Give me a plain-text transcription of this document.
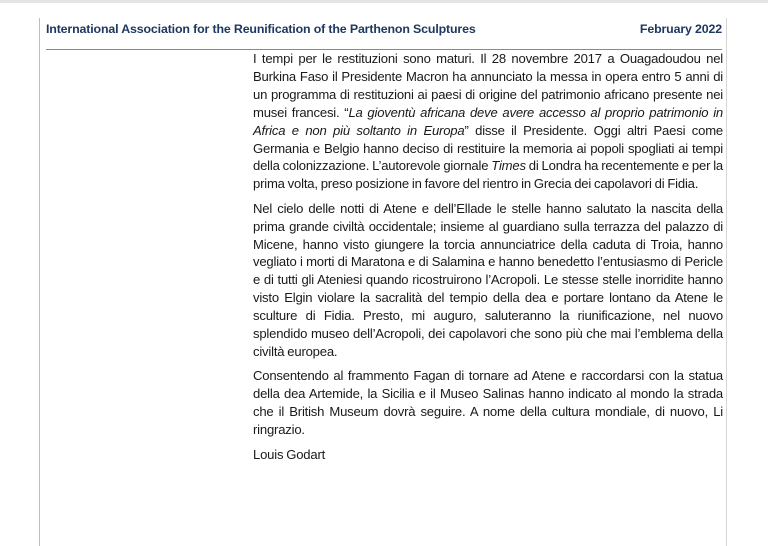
International Association for the Reunification of the Parthenon Sculptures	February 2022

I tempi per le restituzioni sono maturi. Il 28 novembre 2017 a Ouagadoudou nel Burkina Faso il Presidente Macron ha annunciato la messa in opera entro 5 anni di un programma di restituzioni ai paesi di origine del patrimonio africano presente nei musei francesi. “La gioventù africana deve avere accesso al proprio patrimonio in Africa e non più soltanto in Europa” disse il Presidente. Oggi altri Paesi come Germania e Belgio hanno deciso di restituire la memoria ai popoli spogliati ai tempi della colonizzazione. L’autorevole giornale Times di Londra ha recentemente e per la prima volta, preso posizione in favore del rientro in Grecia dei capolavori di Fidia.

Nel cielo delle notti di Atene e dell’Ellade le stelle hanno salutato la nascita della prima grande civiltà occidentale; insieme al guardiano sulla terrazza del palazzo di Micene, hanno visto giungere la torcia annunciatrice della caduta di Troia, hanno vegliato i morti di Maratona e di Salamina e hanno benedetto l’entusiasmo di Pericle e di tutti gli Ateniesi quando ricostruirono l’Acropoli. Le stesse stelle inorridite hanno visto Elgin violare la sacralità del tempio della dea e portare lontano da Atene le sculture di Fidia. Presto, mi auguro, saluteranno la riunificazione, nel nuovo splendido museo dell’Acropoli, dei capolavori che sono più che mai l’emblema della civiltà europea.

Consentendo al frammento Fagan di tornare ad Atene e raccordarsi con la statua della dea Artemide, la Sicilia e il Museo Salinas hanno indicato al mondo la strada che il British Museum dovrà seguire. A nome della cultura mondiale, di nuovo, Li ringrazio.

Louis Godart
